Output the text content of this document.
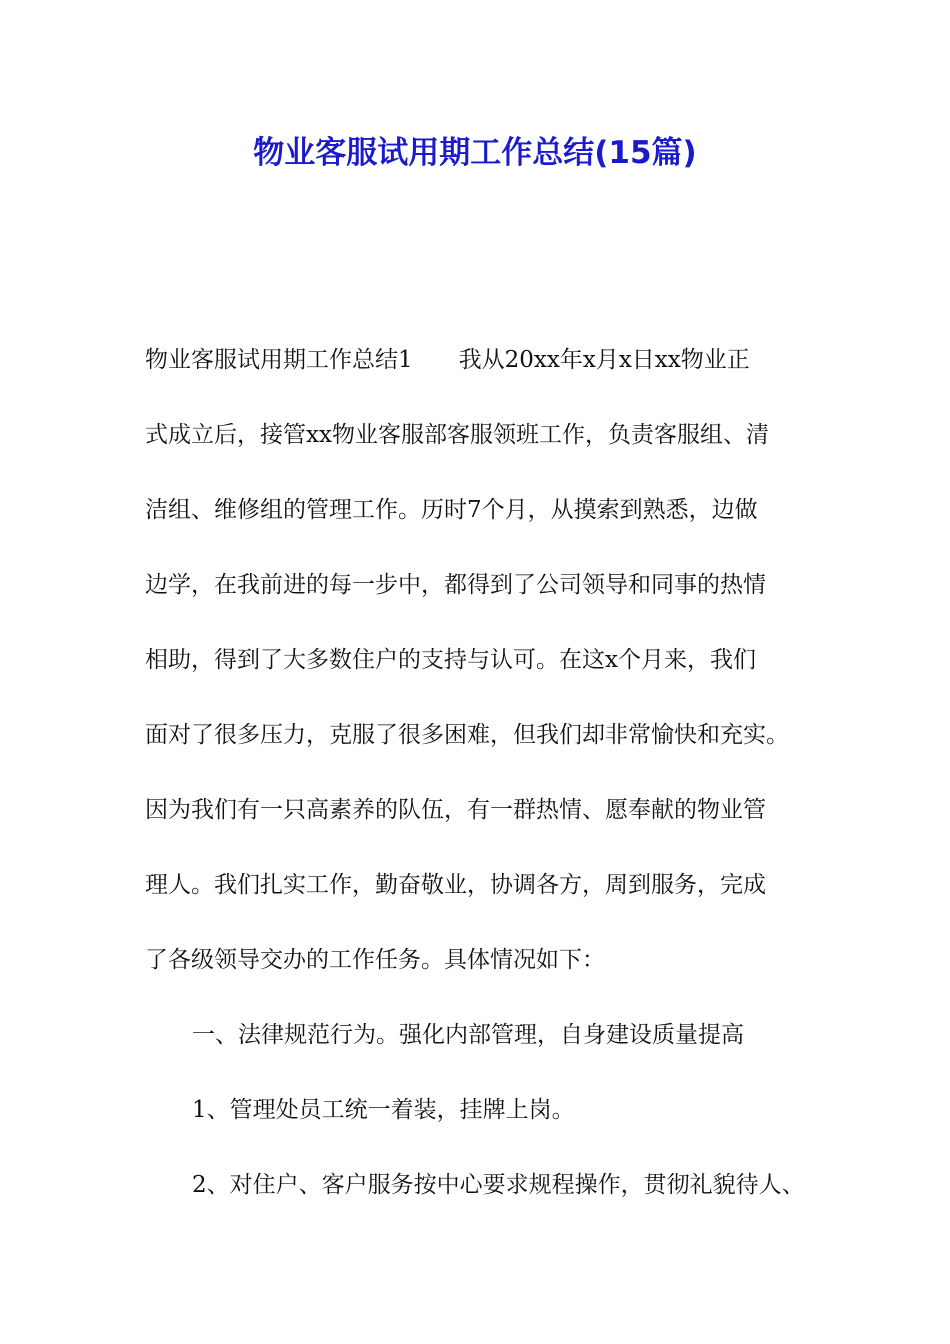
物业客服试用期工作总结(15篇)

物业客服试用期工作总结1　　我从20xx年x月x日xx物业正

式成立后，接管xx物业客服部客服领班工作，负责客服组、清

洁组、维修组的管理工作。历时7个月，从摸索到熟悉，边做

边学，在我前进的每一步中，都得到了公司领导和同事的热情

相助，得到了大多数住户的支持与认可。在这x个月来，我们

面对了很多压力，克服了很多困难，但我们却非常愉快和充实。

因为我们有一只高素养的队伍，有一群热情、愿奉献的物业管

理人。我们扎实工作，勤奋敬业，协调各方，周到服务，完成

了各级领导交办的工作任务。具体情况如下：

一、法律规范行为。强化内部管理，自身建设质量提高

1、管理处员工统一着装，挂牌上岗。

2、对住户、客户服务按中心要求规程操作，贯彻礼貌待人、
